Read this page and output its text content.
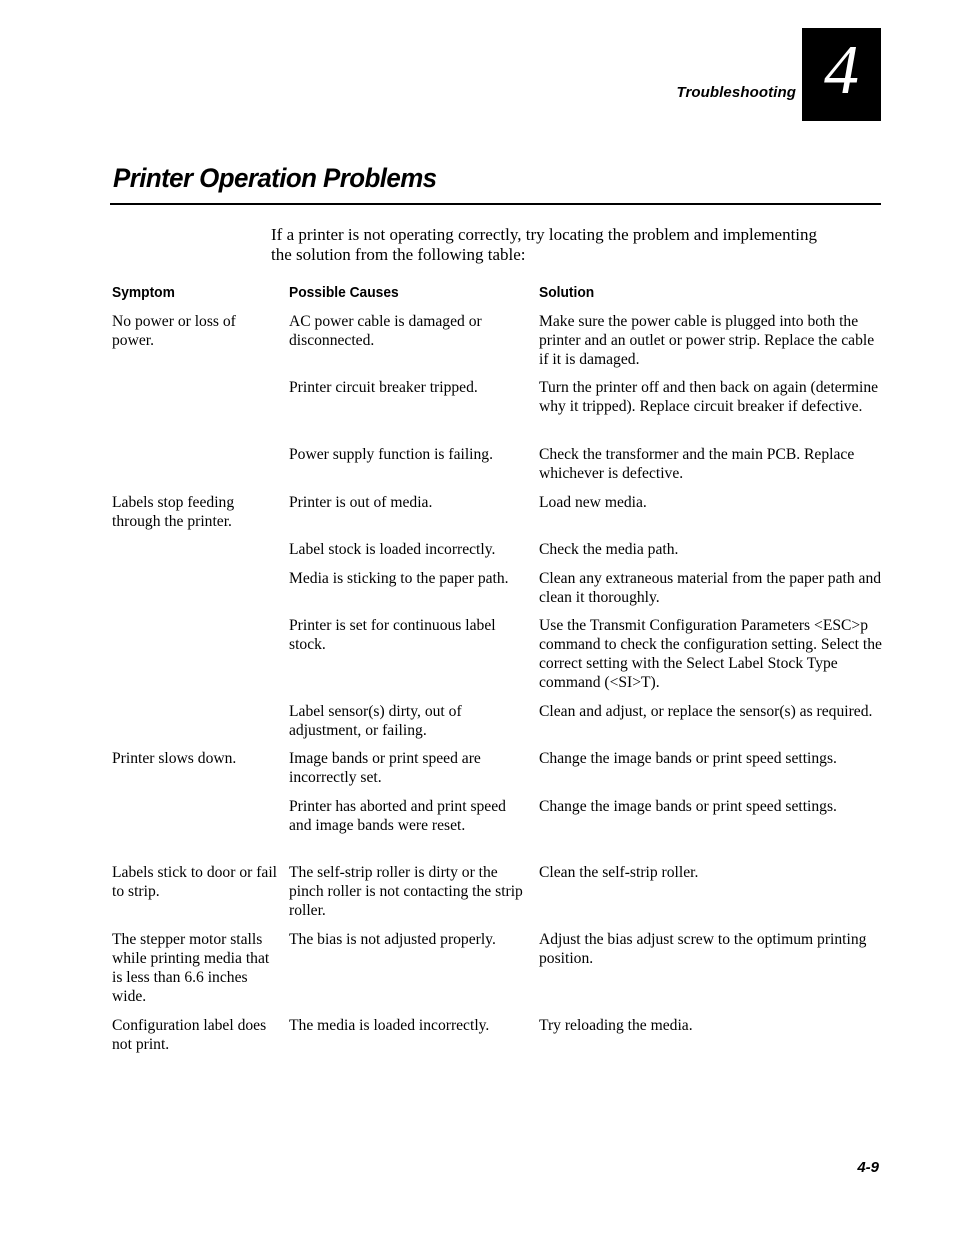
Troubleshooting 4
Printer Operation Problems

If a printer is not operating correctly, try locating the problem and implementing the solution from the following table:

Symptom	Possible Causes	Solution
No power or loss of power.
Labels stop feeding through the printer.
Printer slows down.
Labels stick to door or fail to strip.
The stepper motor stalls while printing media that is less than 6.6 inches wide.
Configuration label does not print.
AC power cable is damaged or disconnected.
Printer circuit breaker tripped.
Power supply function is failing.
Printer is out of media.
Label stock is loaded incorrectly.
Media is sticking to the paper path.
Printer is set for continuous label stock.
Label sensor(s) dirty, out of adjustment, or failing.
Image bands or print speed are incorrectly set.
Printer has aborted and print speed and image bands were reset.
The self-strip roller is dirty or the pinch roller is not contacting the strip roller.
The bias is not adjusted properly.
The media is loaded incorrectly.
Make sure the power cable is plugged into both the printer and an outlet or power strip. Replace the cable if it is damaged.
Turn the printer off and then back on again (determine why it tripped). Replace circuit breaker if defective.
Check the transformer and the main PCB. Replace whichever is defective.
Load new media.
Check the media path.
Clean any extraneous material from the paper path and clean it thoroughly.
Use the Transmit Configuration Parameters <ESC>p command to check the configuration setting. Select the correct setting with the Select Label Stock Type command (<SI>T).
Clean and adjust, or replace the sensor(s) as required.
Change the image bands or print speed settings.
Change the image bands or print speed settings.
Clean the self-strip roller.
Adjust the bias adjust screw to the optimum printing position.
Try reloading the media.
4-9
